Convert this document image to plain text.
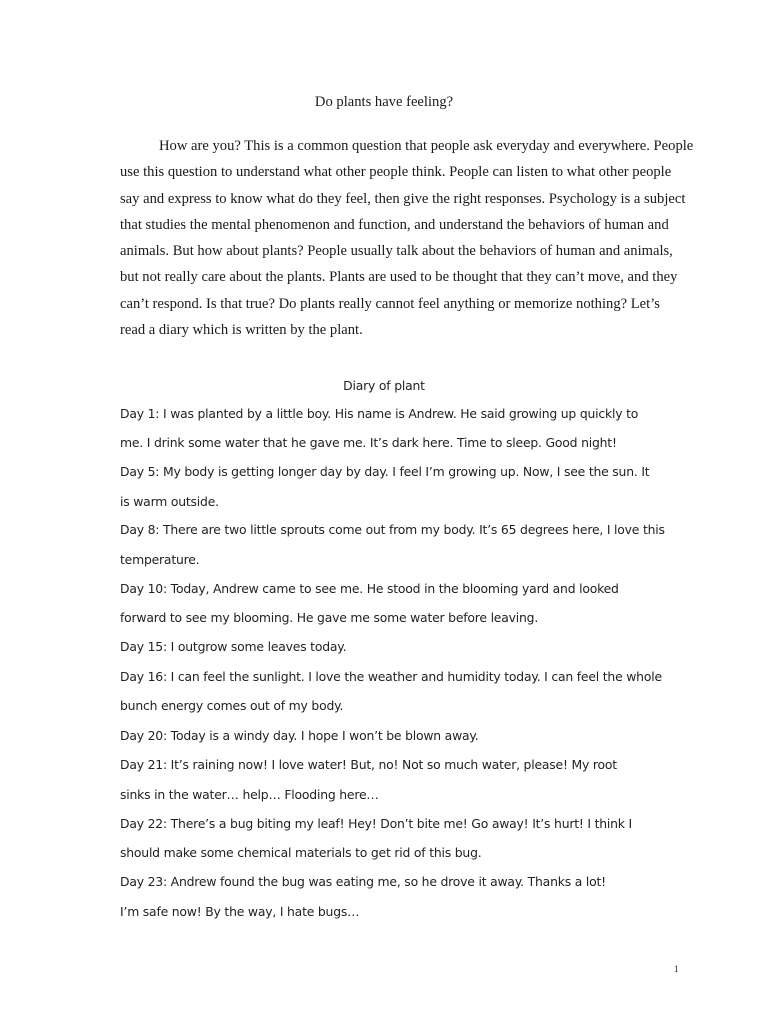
Do plants have feeling?
How are you? This is a common question that people ask everyday and everywhere. People
use this question to understand what other people think. People can listen to what other people
say and express to know what do they feel, then give the right responses. Psychology is a subject
that studies the mental phenomenon and function, and understand the behaviors of human and
animals. But how about plants? People usually talk about the behaviors of human and animals,
but not really care about the plants. Plants are used to be thought that they can’t move, and they
can’t respond. Is that true? Do plants really cannot feel anything or memorize nothing? Let’s
read a diary which is written by the plant.
Diary of plant
Day 1: I was planted by a little boy. His name is Andrew. He said growing up quickly to
me. I drink some water that he gave me. It’s dark here. Time to sleep. Good night!
Day 5: My body is getting longer day by day. I feel I’m growing up. Now, I see the sun. It
is warm outside.
Day 8: There are two little sprouts come out from my body. It’s 65 degrees here, I love this
temperature.
Day 10: Today, Andrew came to see me. He stood in the blooming yard and looked
forward to see my blooming. He gave me some water before leaving.
Day 15: I outgrow some leaves today.
Day 16: I can feel the sunlight. I love the weather and humidity today. I can feel the whole
bunch energy comes out of my body.
Day 20: Today is a windy day. I hope I won’t be blown away.
Day 21: It’s raining now! I love water! But, no! Not so much water, please! My root
sinks in the water… help… Flooding here…
Day 22: There’s a bug biting my leaf! Hey! Don’t bite me! Go away! It’s hurt! I think I
should make some chemical materials to get rid of this bug.
Day 23: Andrew found the bug was eating me, so he drove it away. Thanks a lot!
I’m safe now! By the way, I hate bugs…
1
